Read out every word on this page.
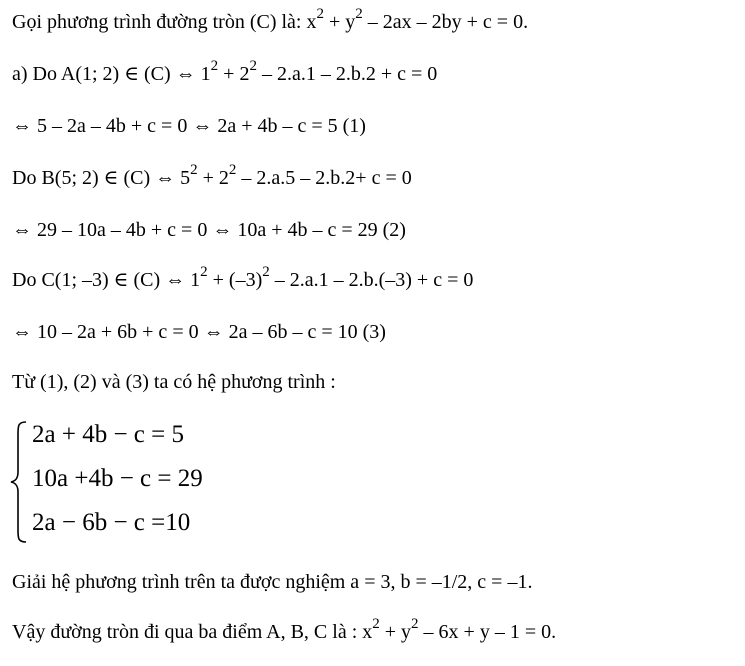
Gọi phương trình đường tròn (C) là: $x^2 + y^2 - 2ax - 2by + c = 0$.
a) Do A(1; 2) ∈ (C) ⇔ $1^2 + 2^2 - 2.a.1 - 2.b.2 + c = 0$
⇔ 5 – 2a – 4b + c = 0 ⇔ 2a + 4b – c = 5 (1)
Do B(5; 2) ∈ (C) ⇔ $5^2 + 2^2 - 2.a.5 - 2.b.2+ c = 0$
⇔ 29 – 10a – 4b + c = 0 ⇔ 10a + 4b – c = 29 (2)
Do C(1; –3) ∈ (C) ⇔ $1^2 + (-3)^2 - 2.a.1 - 2.b.(-3) + c = 0$
⇔ 10 – 2a + 6b + c = 0 ⇔ 2a – 6b – c = 10 (3)
Từ (1), (2) và (3) ta có hệ phương trình :
2a + 4b − c = 5
10a +4b − c = 29
2a − 6b − c =10
Giải hệ phương trình trên ta được nghiệm a = 3, b = –1/2, c = –1.
Vậy đường tròn đi qua ba điểm A, B, C là : $x^2 + y^2 - 6x + y - 1 = 0$.
